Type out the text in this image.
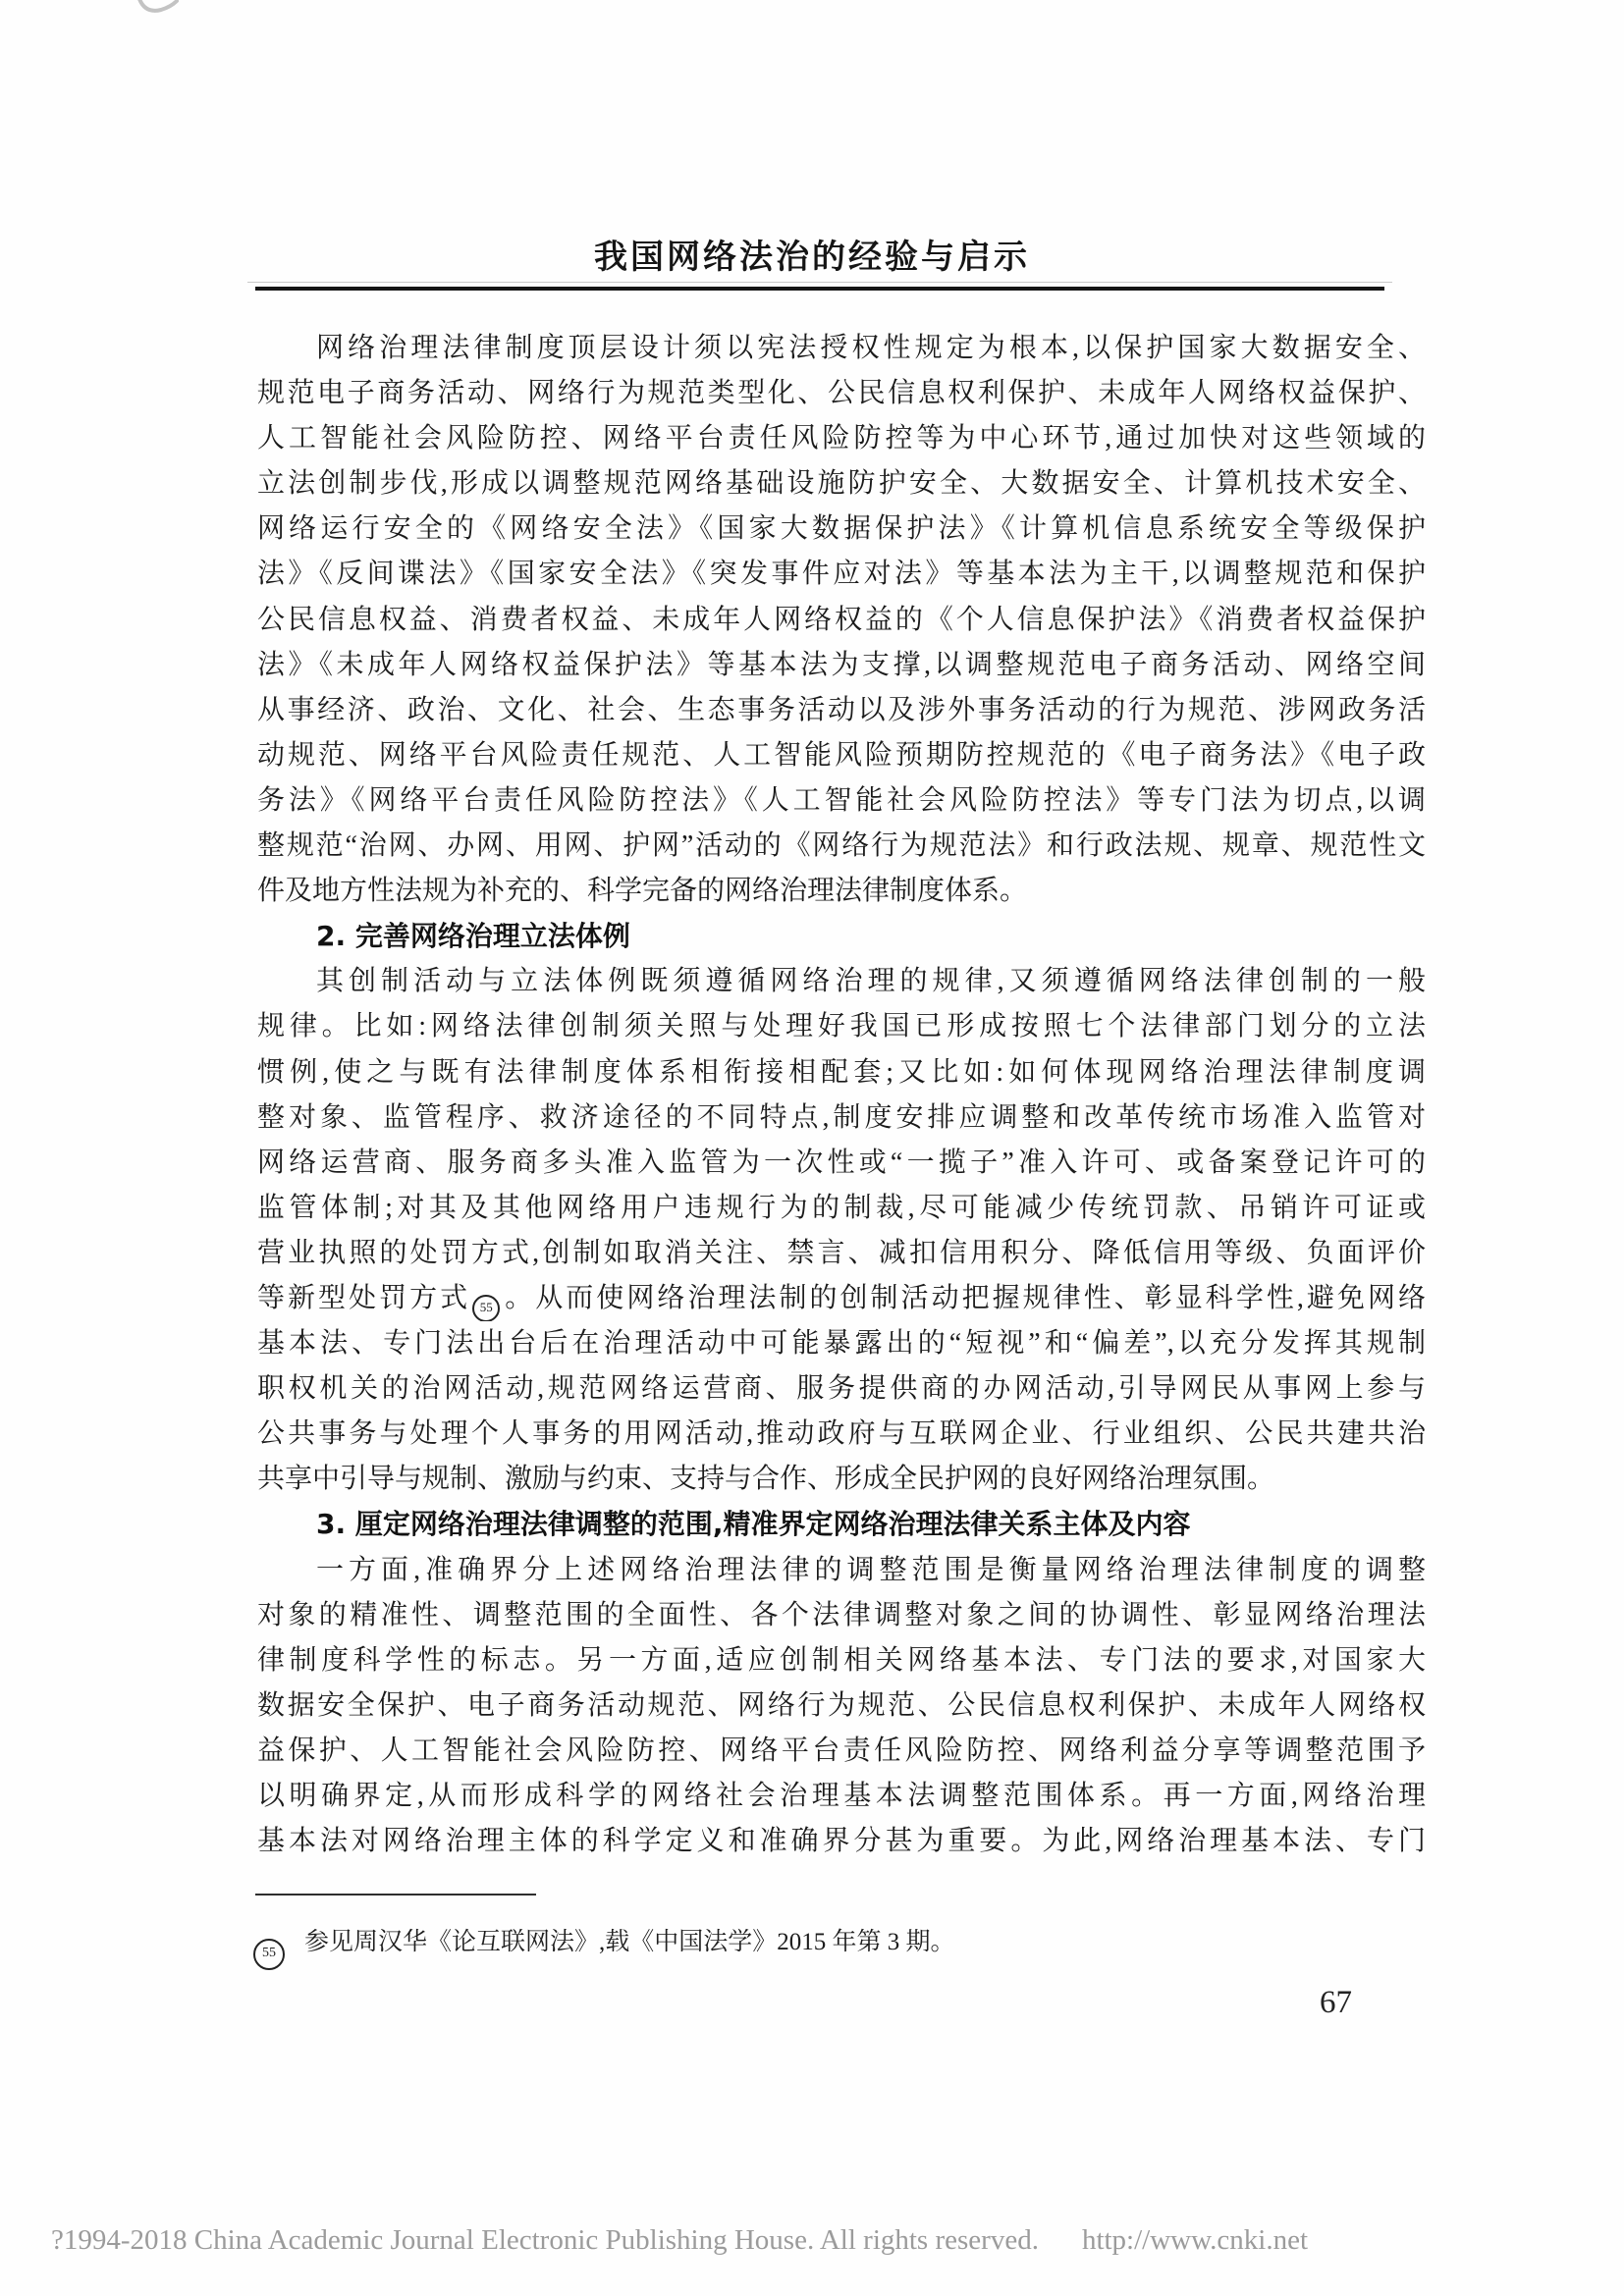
我国网络法治的经验与启示
网络治理法律制度顶层设计须以宪法授权性规定为根本,以保护国家大数据安全、
规范电子商务活动、网络行为规范类型化、公民信息权利保护、未成年人网络权益保护、
人工智能社会风险防控、网络平台责任风险防控等为中心环节,通过加快对这些领域的
立法创制步伐,形成以调整规范网络基础设施防护安全、大数据安全、计算机技术安全、
网络运行安全的《网络安全法》《国家大数据保护法》《计算机信息系统安全等级保护
法》《反间谍法》《国家安全法》《突发事件应对法》等基本法为主干,以调整规范和保护
公民信息权益、消费者权益、未成年人网络权益的《个人信息保护法》《消费者权益保护
法》《未成年人网络权益保护法》等基本法为支撑,以调整规范电子商务活动、网络空间
从事经济、政治、文化、社会、生态事务活动以及涉外事务活动的行为规范、涉网政务活
动规范、网络平台风险责任规范、人工智能风险预期防控规范的《电子商务法》《电子政
务法》《网络平台责任风险防控法》《人工智能社会风险防控法》等专门法为切点,以调
整规范“治网、办网、用网、护网”活动的《网络行为规范法》和行政法规、规章、规范性文
件及地方性法规为补充的、科学完备的网络治理法律制度体系。
2. 完善网络治理立法体例
其创制活动与立法体例既须遵循网络治理的规律,又须遵循网络法律创制的一般
规律。比如:网络法律创制须关照与处理好我国已形成按照七个法律部门划分的立法
惯例,使之与既有法律制度体系相衔接相配套;又比如:如何体现网络治理法律制度调
整对象、监管程序、救济途径的不同特点,制度安排应调整和改革传统市场准入监管对
网络运营商、服务商多头准入监管为一次性或“一揽子”准入许可、或备案登记许可的
监管体制;对其及其他网络用户违规行为的制裁,尽可能减少传统罚款、吊销许可证或
营业执照的处罚方式,创制如取消关注、禁言、减扣信用积分、降低信用等级、负面评价
等新型处罚方式 55 。从而使网络治理法制的创制活动把握规律性、彰显科学性,避免网络
基本法、专门法出台后在治理活动中可能暴露出的“短视”和“偏差”,以充分发挥其规制
职权机关的治网活动,规范网络运营商、服务提供商的办网活动,引导网民从事网上参与
公共事务与处理个人事务的用网活动,推动政府与互联网企业、行业组织、公民共建共治
共享中引导与规制、激励与约束、支持与合作、形成全民护网的良好网络治理氛围。
3. 厘定网络治理法律调整的范围,精准界定网络治理法律关系主体及内容
一方面,准确界分上述网络治理法律的调整范围是衡量网络治理法律制度的调整
对象的精准性、调整范围的全面性、各个法律调整对象之间的协调性、彰显网络治理法
律制度科学性的标志。另一方面,适应创制相关网络基本法、专门法的要求,对国家大
数据安全保护、电子商务活动规范、网络行为规范、公民信息权利保护、未成年人网络权
益保护、人工智能社会风险防控、网络平台责任风险防控、网络利益分享等调整范围予
以明确界定,从而形成科学的网络社会治理基本法调整范围体系。再一方面,网络治理
基本法对网络治理主体的科学定义和准确界分甚为重要。为此,网络治理基本法、专门
55 参见周汉华《论互联网法》,载《中国法学》2015 年第 3 期。
67
?1994-2018 China Academic Journal Electronic Publishing House. All rights reserved. http://www.cnki.net
